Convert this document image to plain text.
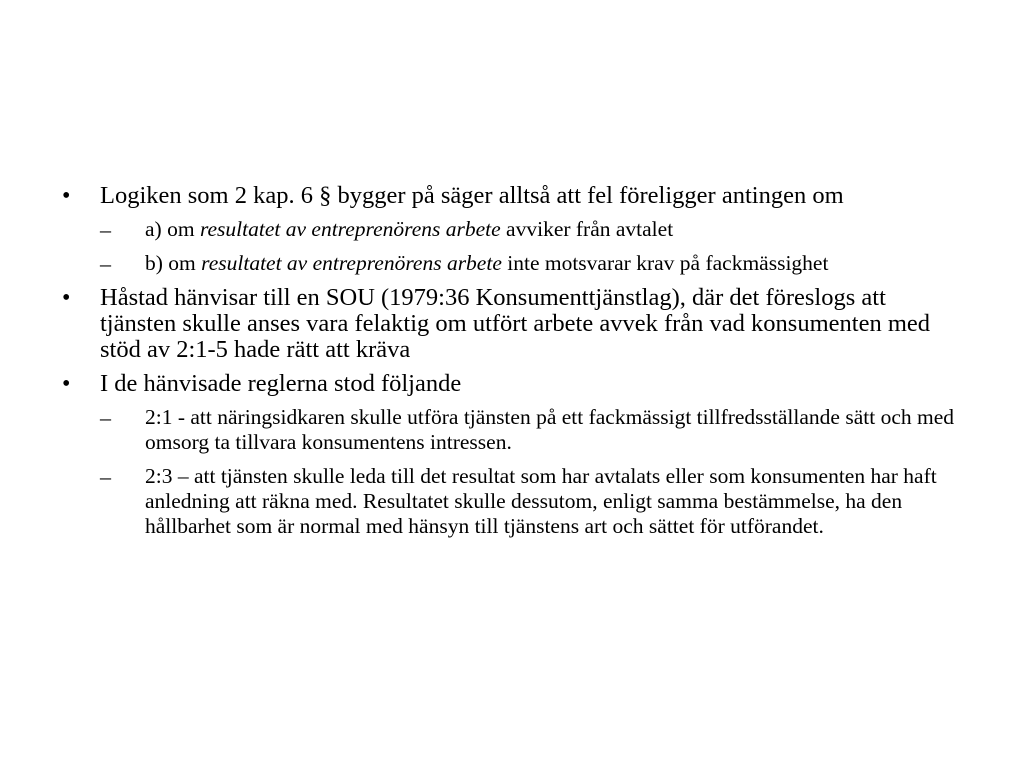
•	Logiken som 2 kap. 6 § bygger på säger alltså att fel föreligger antingen om
–	a) om resultatet av entreprenörens arbete avviker från avtalet
–	b) om resultatet av entreprenörens arbete inte motsvarar krav på fackmässighet
•	Håstad hänvisar till en SOU (1979:36 Konsumenttjänstlag), där det föreslogs att tjänsten skulle anses vara felaktig om utfört arbete avvek från vad konsumenten med stöd av 2:1-5 hade rätt att kräva
•	I de hänvisade reglerna stod följande
–	2:1 - att näringsidkaren skulle utföra tjänsten på ett fackmässigt tillfredsställande sätt och med omsorg ta tillvara konsumentens intressen.
–	2:3 – att tjänsten skulle leda till det resultat som har avtalats eller som konsumenten har haft anledning att räkna med. Resultatet skulle dessutom, enligt samma bestämmelse, ha den hållbarhet som är normal med hänsyn till tjänstens art och sättet för utförandet.
